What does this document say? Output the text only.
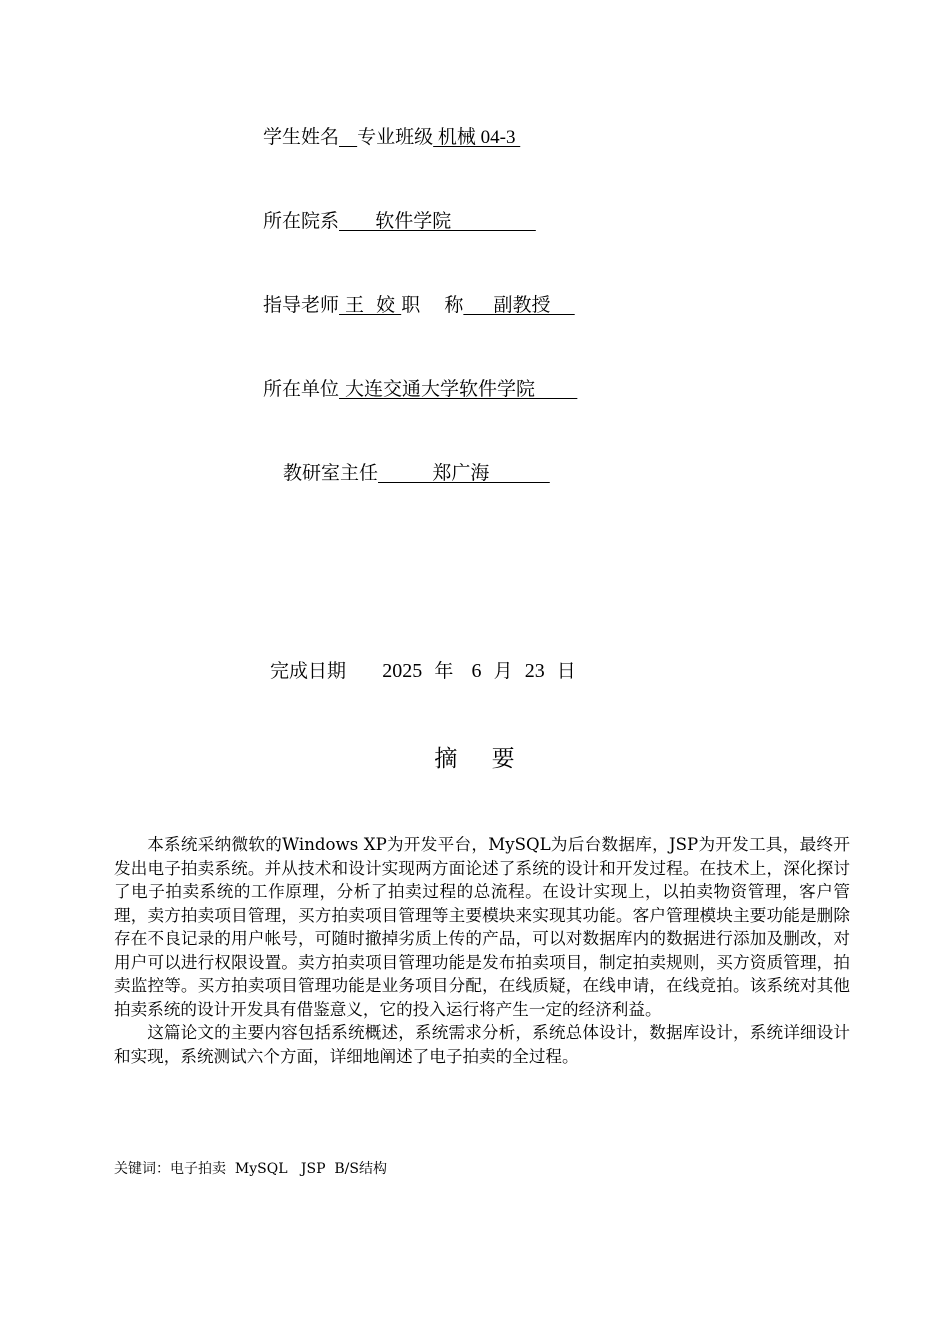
学生姓名 专业班级 机械 04-3
所在院系      软件学院
指导老师 王  姣 职    称     副教授
所在单位 大连交通大学软件学院
教研室主任         郑广海
完成日期 2025 年 6 月 23 日
摘    要

本系统采纳微软的Windows XP为开发平台，MySQL为后台数据库，JSP为开发工具，最终开发出电子拍卖系统。并从技术和设计实现两方面论述了系统的设计和开发过程。在技术上，深化探讨了电子拍卖系统的工作原理，分析了拍卖过程的总流程。在设计实现上，以拍卖物资管理，客户管理，卖方拍卖项目管理，买方拍卖项目管理等主要模块来实现其功能。客户管理模块主要功能是删除存在不良记录的用户帐号，可随时撤掉劣质上传的产品，可以对数据库内的数据进行添加及删改，对用户可以进行权限设置。卖方拍卖项目管理功能是发布拍卖项目，制定拍卖规则，买方资质管理，拍卖监控等。买方拍卖项目管理功能是业务项目分配，在线质疑，在线申请，在线竞拍。该系统对其他拍卖系统的设计开发具有借鉴意义，它的投入运行将产生一定的经济利益。

这篇论文的主要内容包括系统概述，系统需求分析，系统总体设计，数据库设计，系统详细设计和实现，系统测试六个方面，详细地阐述了电子拍卖的全过程。

关键词：电子拍卖  MySQL   JSP  B/S结构
